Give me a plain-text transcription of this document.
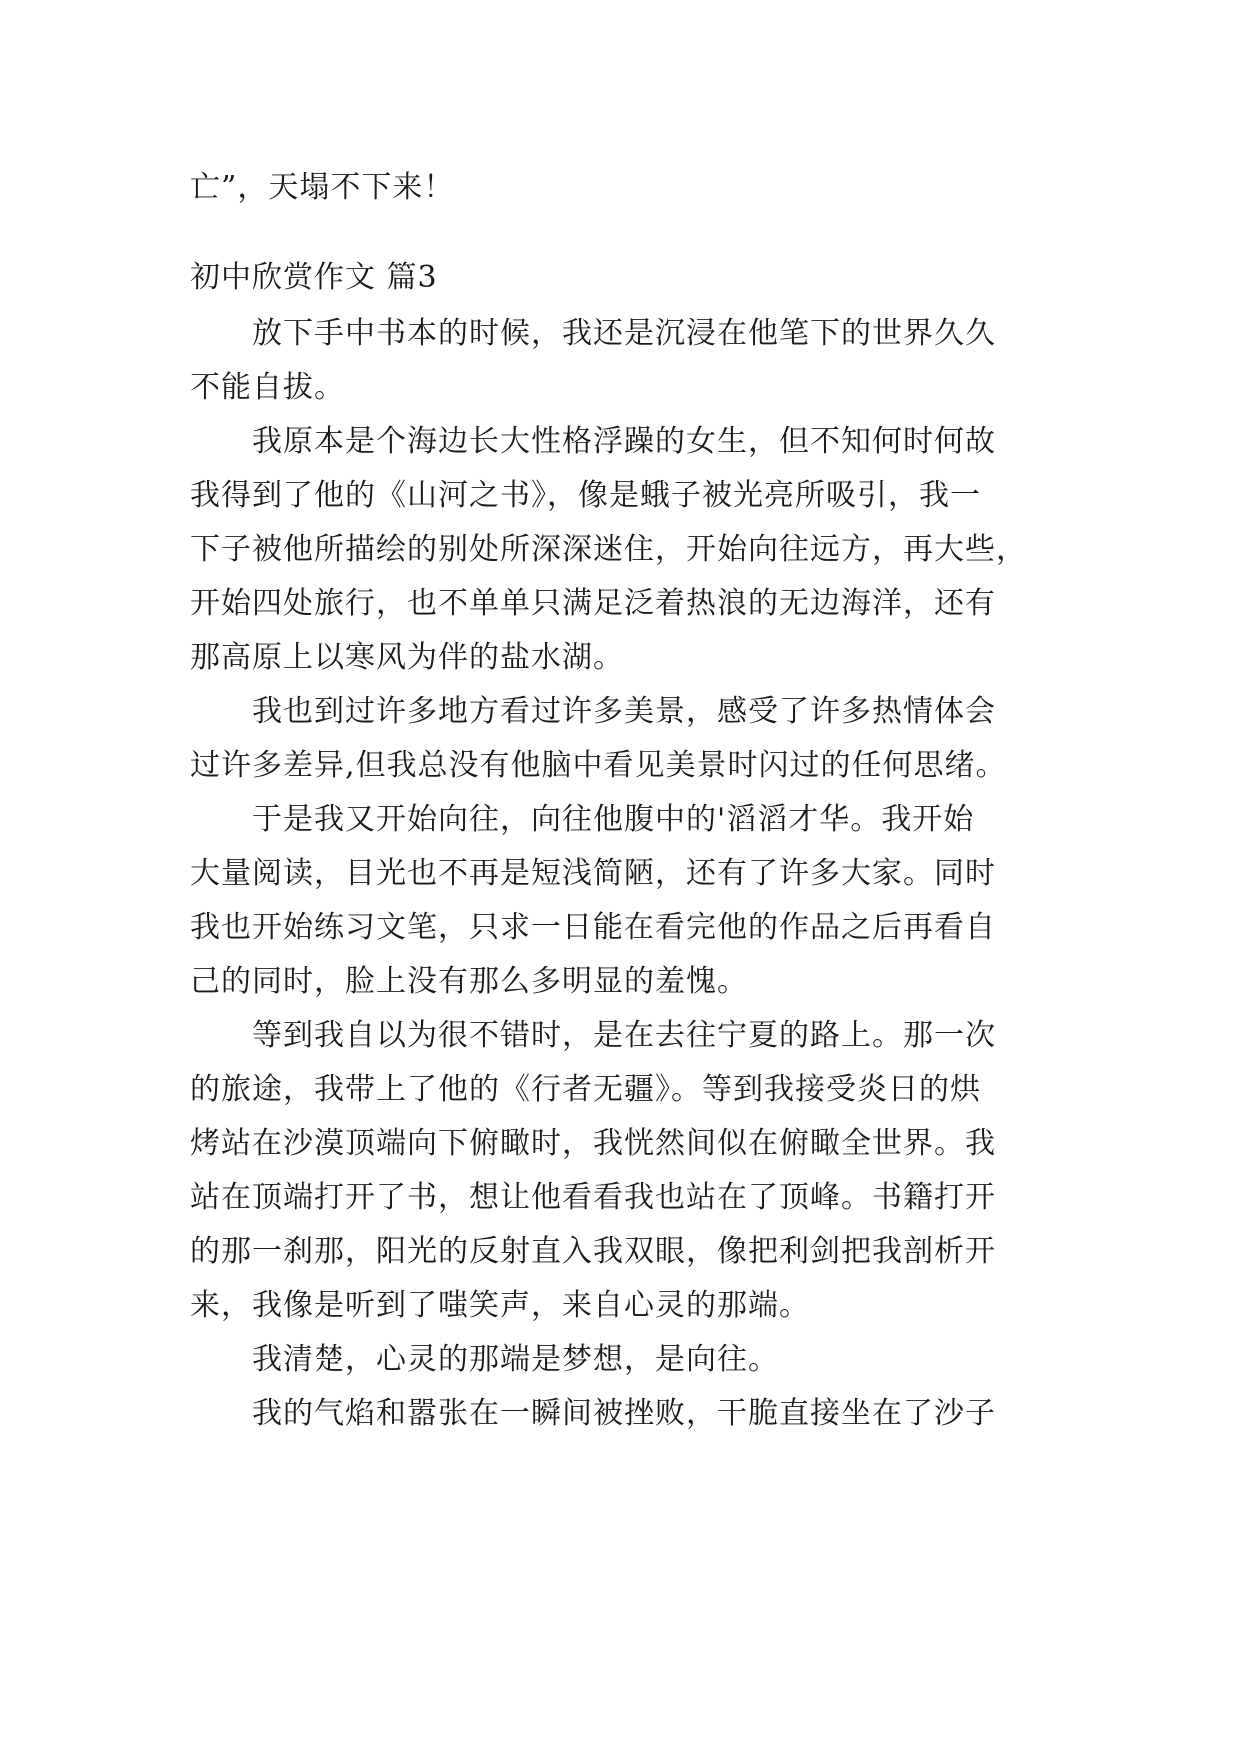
亡”，天塌不下来！
初中欣赏作文 篇3
　　放下手中书本的时候，我还是沉浸在他笔下的世界久久
不能自拔。
　　我原本是个海边长大性格浮躁的女生，但不知何时何故
我得到了他的《山河之书》，像是蛾子被光亮所吸引，我一
下子被他所描绘的别处所深深迷住，开始向往远方，再大些，
开始四处旅行，也不单单只满足泛着热浪的无边海洋，还有
那高原上以寒风为伴的盐水湖。
　　我也到过许多地方看过许多美景，感受了许多热情体会
过许多差异,但我总没有他脑中看见美景时闪过的任何思绪。
　　于是我又开始向往，向往他腹中的'滔滔才华。我开始
大量阅读，目光也不再是短浅简陋，还有了许多大家。同时
我也开始练习文笔，只求一日能在看完他的作品之后再看自
己的同时，脸上没有那么多明显的羞愧。
　　等到我自以为很不错时，是在去往宁夏的路上。那一次
的旅途，我带上了他的《行者无疆》。等到我接受炎日的烘
烤站在沙漠顶端向下俯瞰时，我恍然间似在俯瞰全世界。我
站在顶端打开了书，想让他看看我也站在了顶峰。书籍打开
的那一刹那，阳光的反射直入我双眼，像把利剑把我剖析开
来，我像是听到了嗤笑声，来自心灵的那端。
　　我清楚，心灵的那端是梦想，是向往。
　　我的气焰和嚣张在一瞬间被挫败，干脆直接坐在了沙子
